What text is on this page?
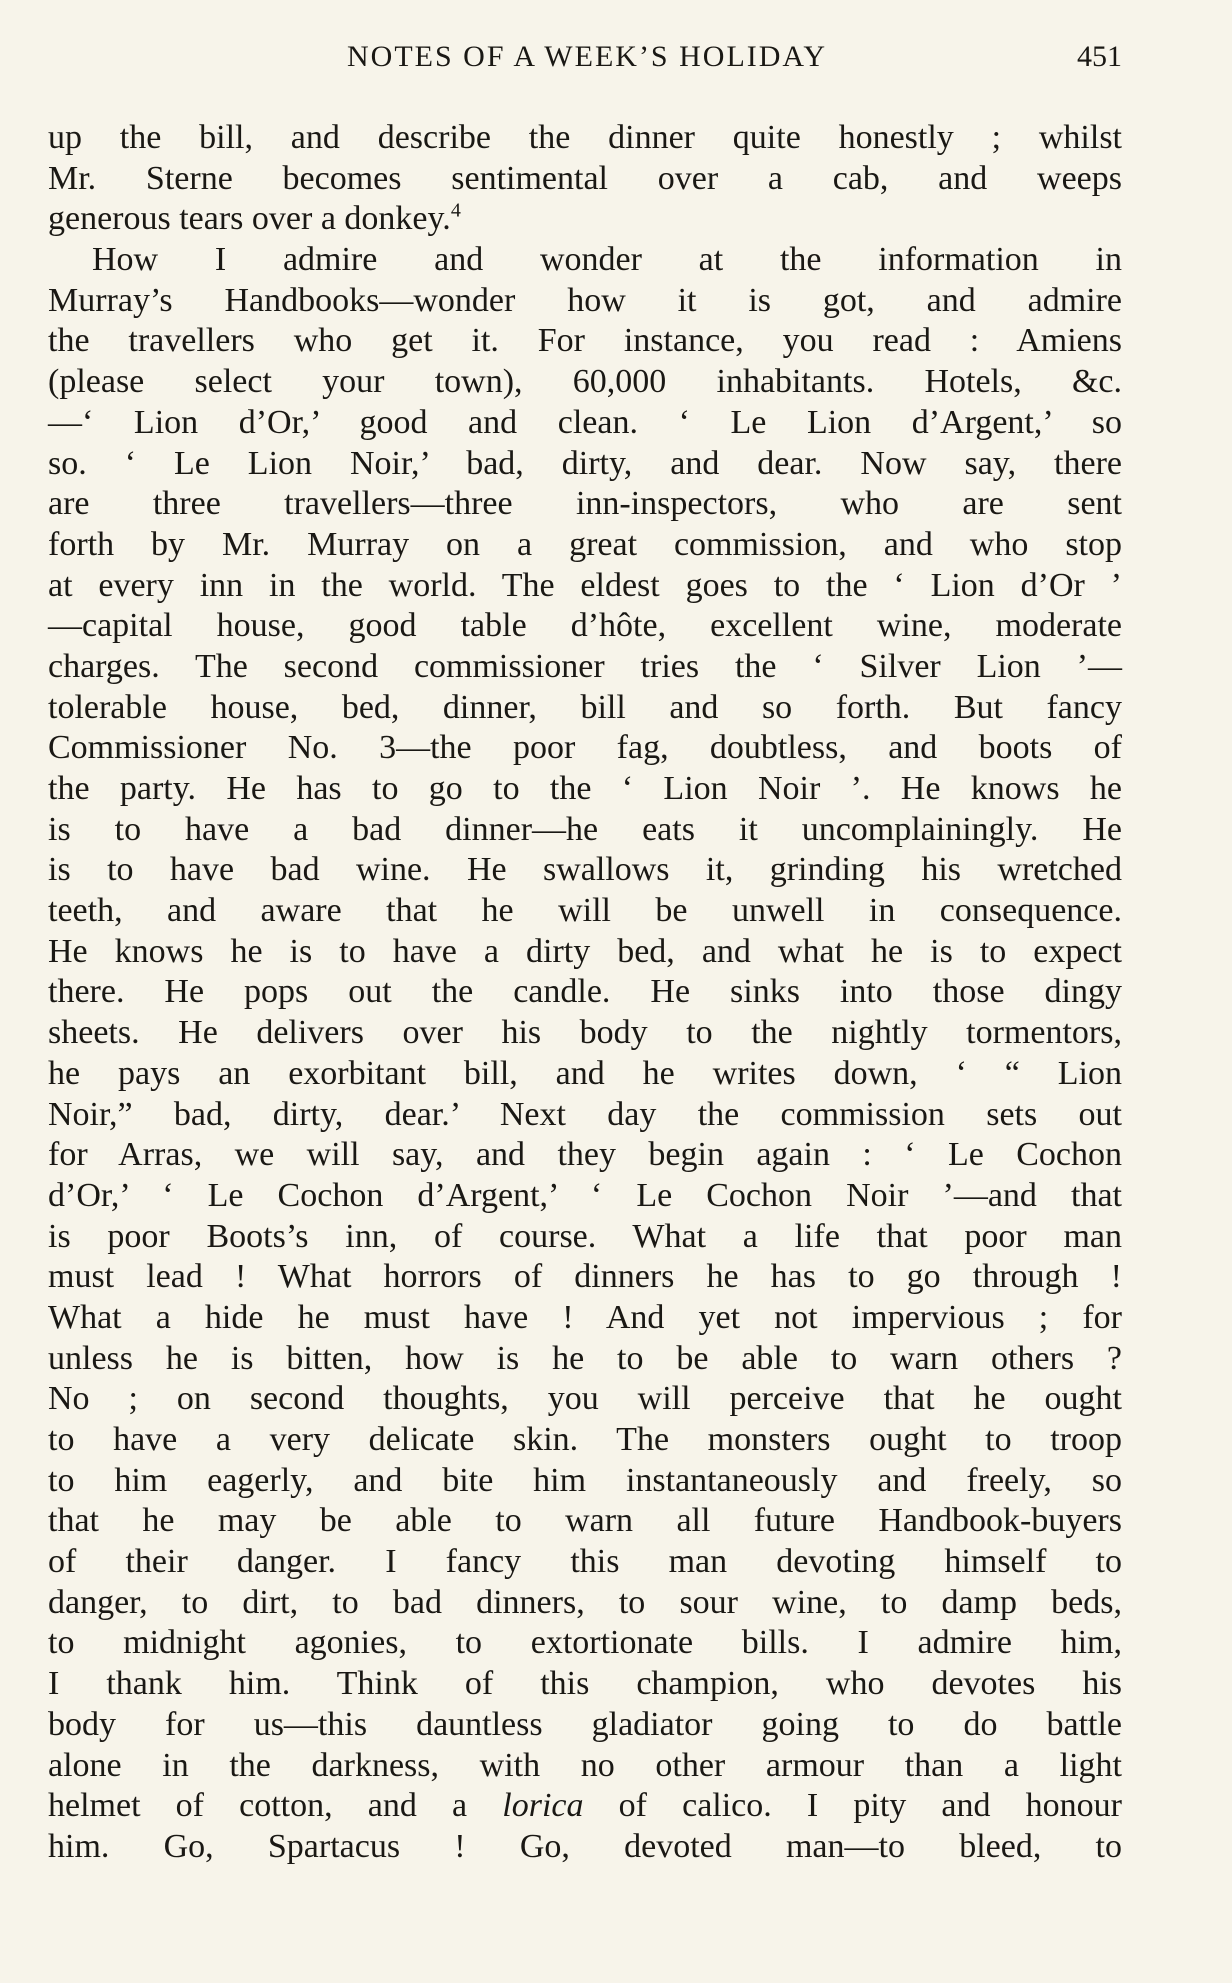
NOTES OF A WEEK’S HOLIDAY	451
up the bill, and describe the dinner quite honestly ; whilst
Mr. Sterne becomes sentimental over a cab, and weeps
generous tears over a donkey.$^4$
How I admire and wonder at the information in
Murray’s Handbooks—wonder how it is got, and admire
the travellers who get it. For instance, you read : Amiens
(please select your town), 60,000 inhabitants. Hotels, &c.
—‘ Lion d’Or,’ good and clean. ‘ Le Lion d’Argent,’ so
so. ‘ Le Lion Noir,’ bad, dirty, and dear. Now say, there
are three travellers—three inn-inspectors, who are sent
forth by Mr. Murray on a great commission, and who stop
at every inn in the world. The eldest goes to the ‘ Lion d’Or ’
—capital house, good table d’hôte, excellent wine, moderate
charges. The second commissioner tries the ‘ Silver Lion ’—
tolerable house, bed, dinner, bill and so forth. But fancy
Commissioner No. 3—the poor fag, doubtless, and boots of
the party. He has to go to the ‘ Lion Noir ’. He knows he
is to have a bad dinner—he eats it uncomplainingly. He
is to have bad wine. He swallows it, grinding his wretched
teeth, and aware that he will be unwell in consequence.
He knows he is to have a dirty bed, and what he is to expect
there. He pops out the candle. He sinks into those dingy
sheets. He delivers over his body to the nightly tormentors,
he pays an exorbitant bill, and he writes down, ‘ “ Lion
Noir,” bad, dirty, dear.’ Next day the commission sets out
for Arras, we will say, and they begin again : ‘ Le Cochon
d’Or,’ ‘ Le Cochon d’Argent,’ ‘ Le Cochon Noir ’—and that
is poor Boots’s inn, of course. What a life that poor man
must lead ! What horrors of dinners he has to go through !
What a hide he must have ! And yet not impervious ; for
unless he is bitten, how is he to be able to warn others ?
No ; on second thoughts, you will perceive that he ought
to have a very delicate skin. The monsters ought to troop
to him eagerly, and bite him instantaneously and freely, so
that he may be able to warn all future Handbook-buyers
of their danger. I fancy this man devoting himself to
danger, to dirt, to bad dinners, to sour wine, to damp beds,
to midnight agonies, to extortionate bills. I admire him,
I thank him. Think of this champion, who devotes his
body for us—this dauntless gladiator going to do battle
alone in the darkness, with no other armour than a light
helmet of cotton, and a lorica of calico. I pity and honour
him. Go, Spartacus ! Go, devoted man—to bleed, to
